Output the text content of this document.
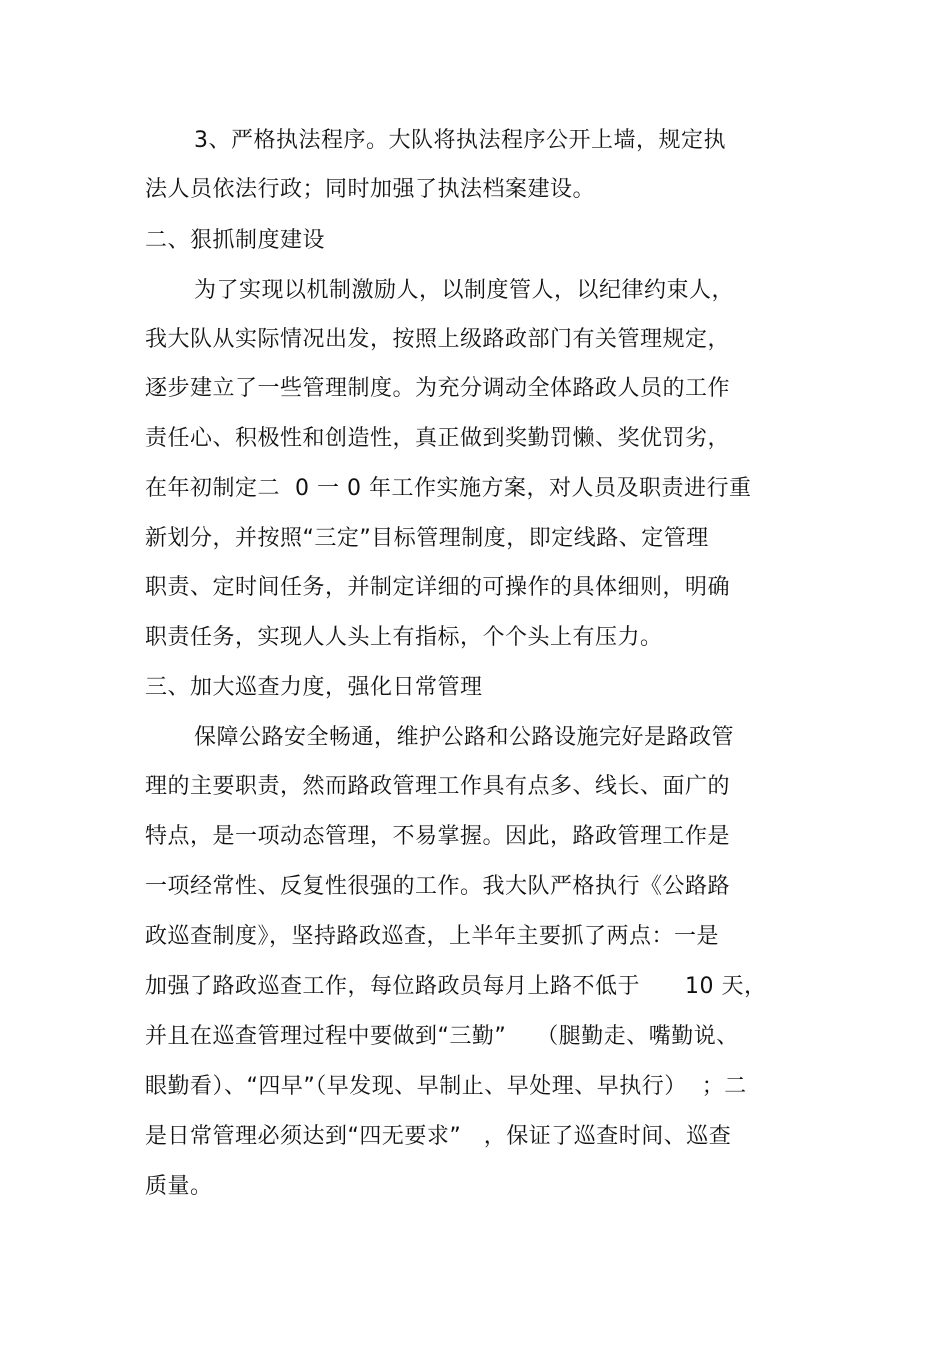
3、严格执法程序。大队将执法程序公开上墙，规定执
法人员依法行政；同时加强了执法档案建设。
二、狠抓制度建设
为了实现以机制激励人，以制度管人，以纪律约束人，
我大队从实际情况出发，按照上级路政部门有关管理规定，
逐步建立了一些管理制度。为充分调动全体路政人员的工作
责任心、积极性和创造性，真正做到奖勤罚懒、奖优罚劣，
在年初制定二  0 一 0 年工作实施方案，对人员及职责进行重
新划分，并按照“三定”目标管理制度，即定线路、定管理
职责、定时间任务，并制定详细的可操作的具体细则，明确
职责任务，实现人人头上有指标，个个头上有压力。
三、加大巡查力度，强化日常管理
保障公路安全畅通，维护公路和公路设施完好是路政管
理的主要职责，然而路政管理工作具有点多、线长、面广的
特点，是一项动态管理，不易掌握。因此，路政管理工作是
一项经常性、反复性很强的工作。我大队严格执行《公路路
政巡查制度》，坚持路政巡查，上半年主要抓了两点：一是
加强了路政巡查工作，每位路政员每月上路不低于      10 天，
并且在巡查管理过程中要做到“三勤”    （腿勤走、嘴勤说、
眼勤看）、“四早”（早发现、早制止、早处理、早执行）  ；二
是日常管理必须达到“四无要求”   ，保证了巡查时间、巡查
质量。
